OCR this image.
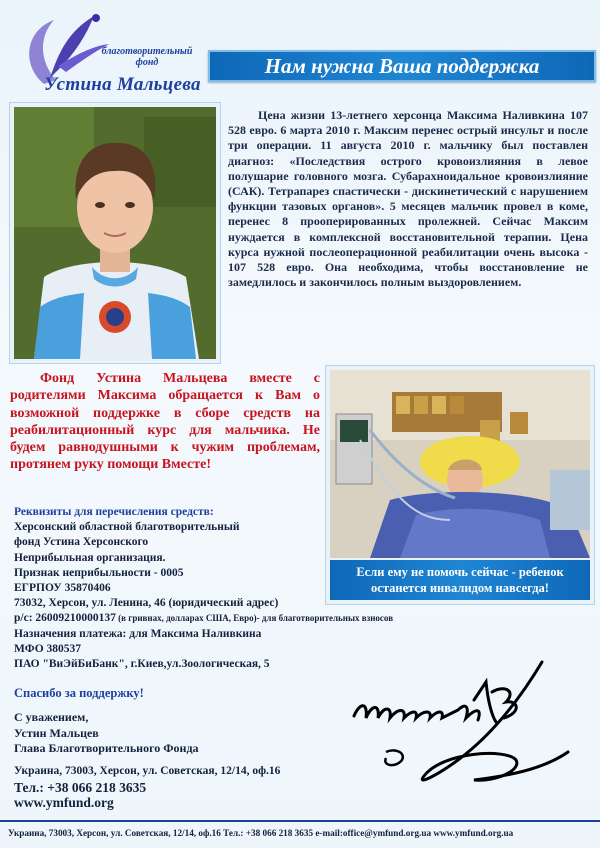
благотворительный
фонд
Устина Мальцева
Нам нужна Ваша поддержка
Цена жизни 13-летнего херсонца Максима Наливкина 107 528 евро. 6 марта 2010 г. Максим перенес острый инсульт и после три операции. 11 августа 2010 г. мальчику был поставлен диагноз: «Последствия острого кровоизлияния в левое полушарие головного мозга. Субарахноидальное кровоизлияние (САК). Тетрапарез спастически - дискинетический с нарушением функции тазовых органов». 5 месяцев мальчик провел в коме, перенес 8 прооперированных пролежней. Сейчас Максим нуждается в комплексной восстановительной терапии. Цена курса нужной послеоперационной реабилитации очень высока - 107 528 евро. Она необходима, чтобы восстановление не замедлилось и закончилось полным выздоровлением.
Фонд Устина Мальцева вместе с родителями Максима обращается к Вам о возможной поддержке в сборе средств на реабилитационный курс для мальчика. Не будем равнодушными к чужим проблемам, протянем руку помощи Вместе!
Если ему не помочь сейчас - ребенок останется инвалидом навсегда!
Реквизиты для перечисления средств:
Херсонский областной благотворительный
фонд Устина Херсонского
Неприбыльная организация.
Признак неприбыльности - 0005
ЕГРПОУ 35870406
73032, Херсон, ул. Ленина, 46 (юридический адрес)
р/с: 26009210000137 (в гривнах, долларах США, Евро)- для благотворительных взносов
Назначения платежа: для Максима Наливкина
МФО 380537
ПАО "ВиЭйБиБанк", г.Киев,ул.Зоологическая, 5
Спасибо за поддержку!
С уважением,
Устин Мальцев
Глава Благотворительного Фонда
Украина, 73003, Херсон, ул. Советская, 12/14, оф.16
Тел.: +38 066 218 3635
www.ymfund.org
Украина, 73003, Херсон, ул. Советская, 12/14, оф.16 Тел.: +38 066 218 3635 e-mail:office@ymfund.org.ua www.ymfund.org.ua
